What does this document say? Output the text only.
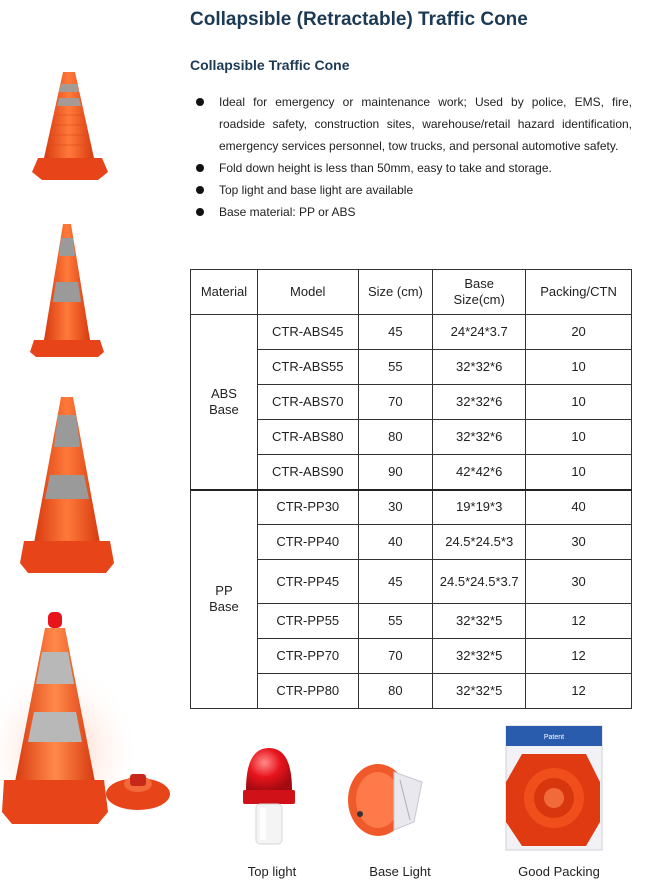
Collapsible (Retractable) Traffic Cone
Collapsible Traffic Cone
Ideal for emergency or maintenance work; Used by police, EMS, fire, roadside safety, construction sites, warehouse/retail hazard identification, emergency services personnel, tow trucks, and personal automotive safety.
Fold down height is less than 50mm, easy to take and storage.
Top light and base light are available
Base material: PP or ABS
Material	Model	Size (cm)	Base Size(cm)	Packing/CTN
ABS Base	CTR-ABS45	45	24*24*3.7	20
	CTR-ABS55	55	32*32*6	10
	CTR-ABS70	70	32*32*6	10
	CTR-ABS80	80	32*32*6	10
	CTR-ABS90	90	42*42*6	10
PP Base	CTR-PP30	30	19*19*3	40
	CTR-PP40	40	24.5*24.5*3	30
	CTR-PP45	45	24.5*24.5*3.7	30
	CTR-PP55	55	32*32*5	12
	CTR-PP70	70	32*32*5	12
	CTR-PP80	80	32*32*5	12
Patent
Top light	Base Light	Good Packing
